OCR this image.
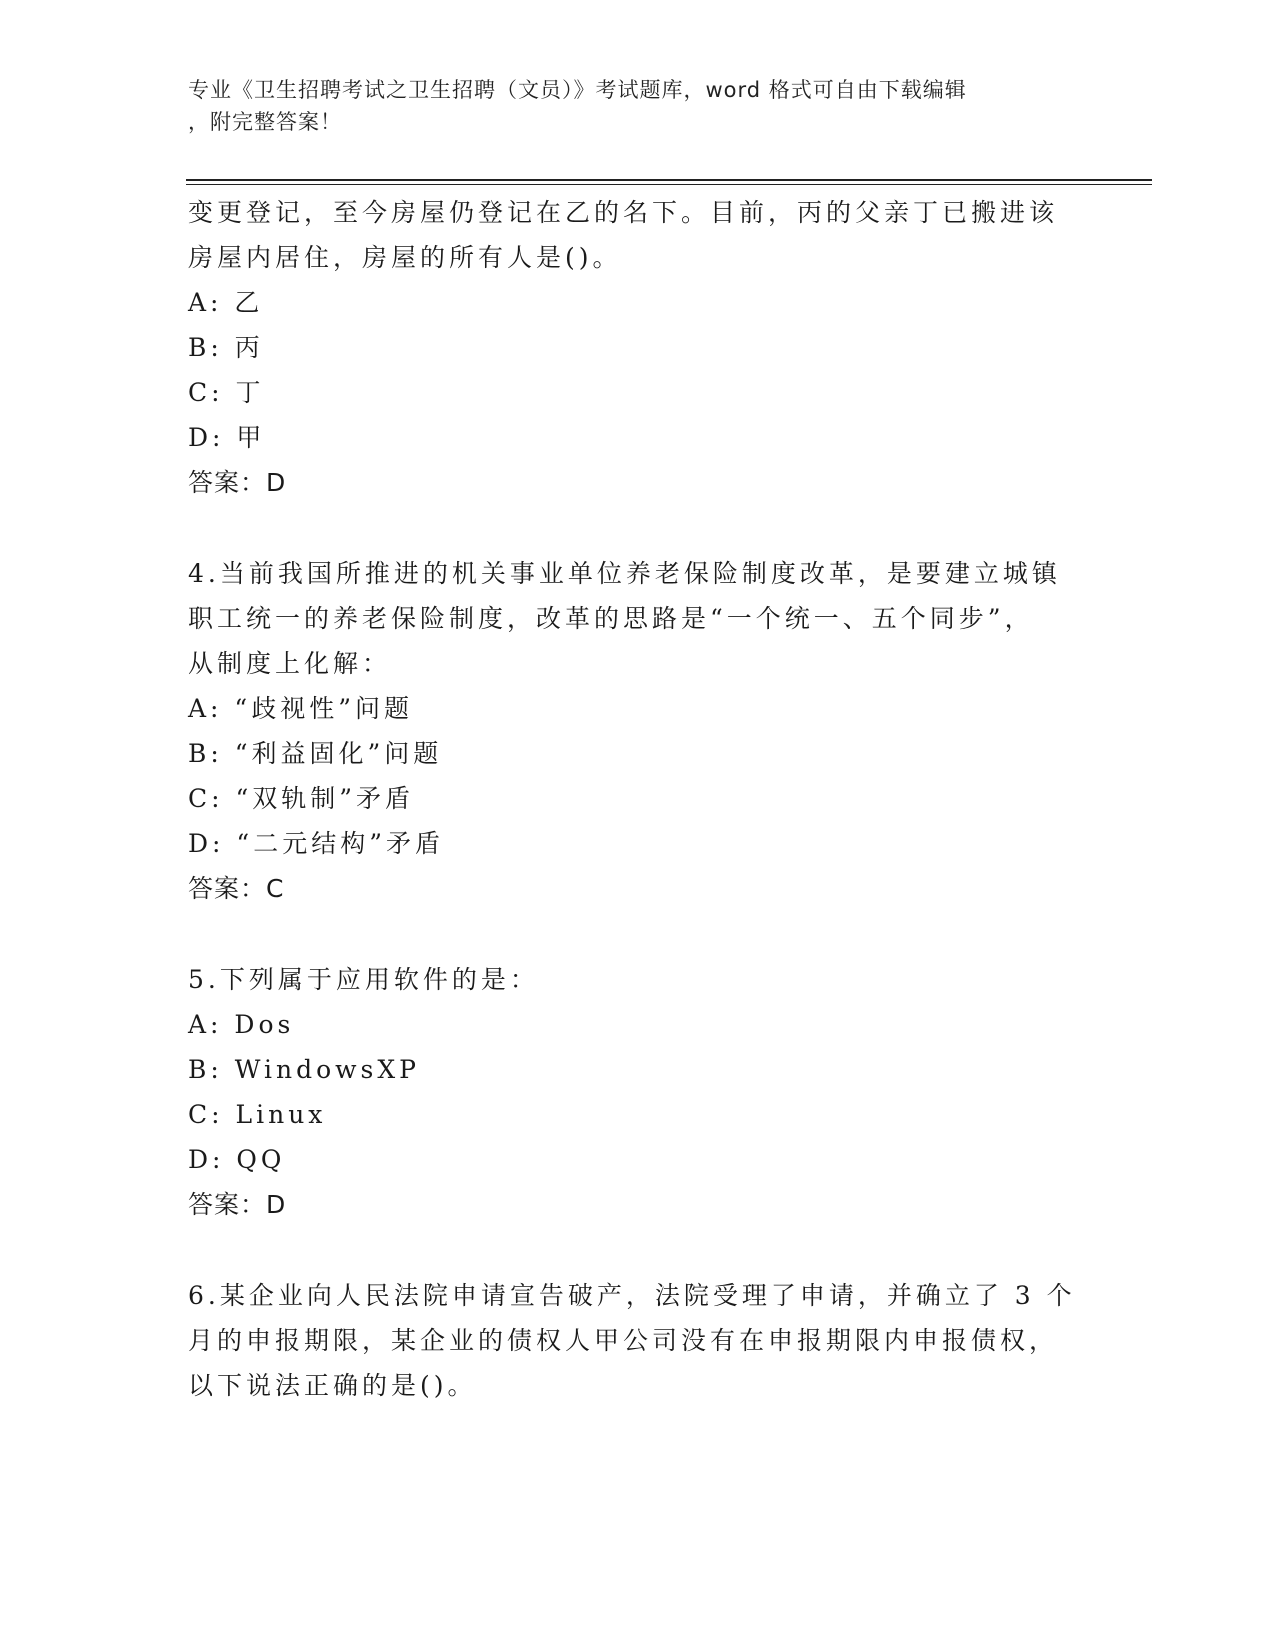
专业《卫生招聘考试之卫生招聘（文员）》考试题库，word 格式可自由下载编辑
，附完整答案！
变更登记，至今房屋仍登记在乙的名下。目前，丙的父亲丁已搬进该
房屋内居住，房屋的所有人是()。
A: 乙
B: 丙
C: 丁
D: 甲
答案：D
4.当前我国所推进的机关事业单位养老保险制度改革，是要建立城镇
职工统一的养老保险制度，改革的思路是“一个统一、五个同步”，
从制度上化解：
A: “歧视性”问题
B: “利益固化”问题
C: “双轨制”矛盾
D: “二元结构”矛盾
答案：C
5.下列属于应用软件的是：
A: Dos
B: WindowsXP
C: Linux
D: QQ
答案：D
6.某企业向人民法院申请宣告破产，法院受理了申请，并确立了 3 个
月的申报期限，某企业的债权人甲公司没有在申报期限内申报债权，
以下说法正确的是()。
